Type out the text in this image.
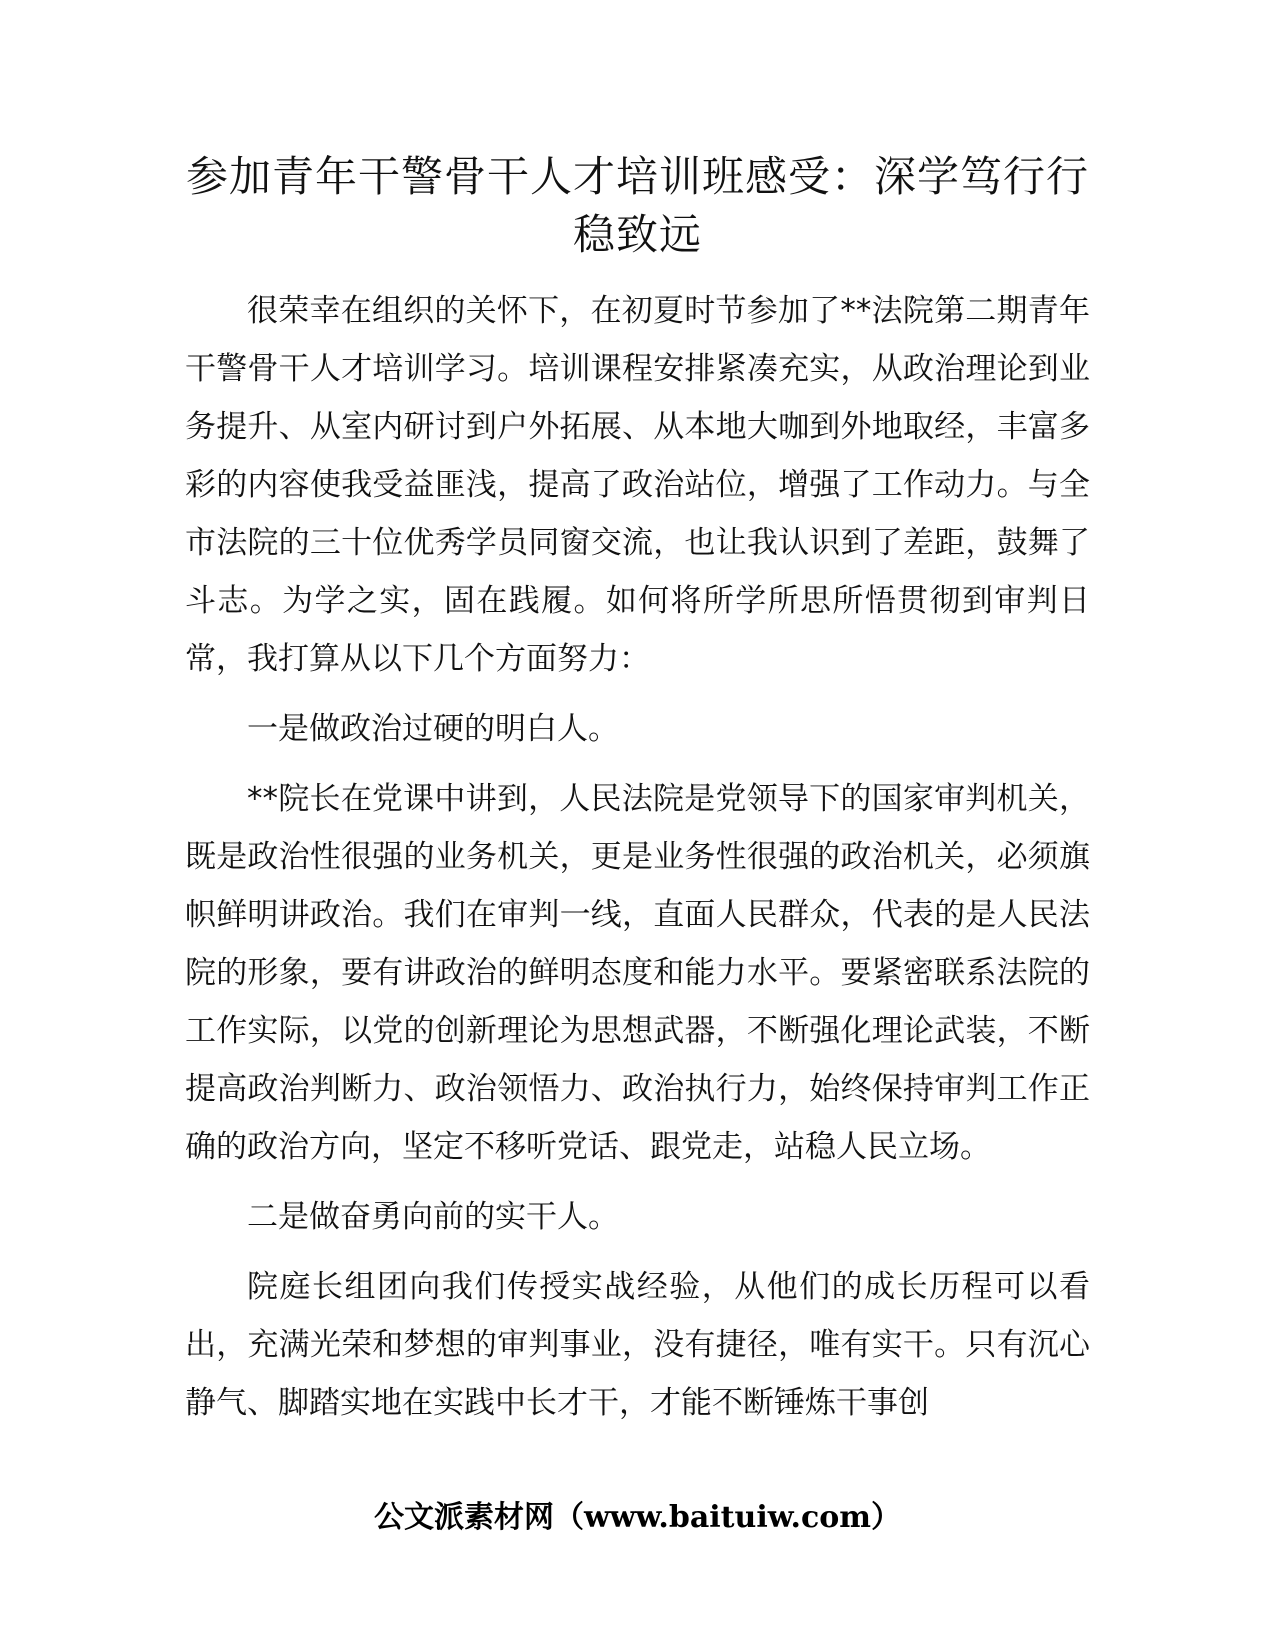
参加青年干警骨干人才培训班感受：深学笃行行稳致远

很荣幸在组织的关怀下，在初夏时节参加了**法院第二期青年干警骨干人才培训学习。培训课程安排紧凑充实，从政治理论到业务提升、从室内研讨到户外拓展、从本地大咖到外地取经，丰富多彩的内容使我受益匪浅，提高了政治站位，增强了工作动力。与全市法院的三十位优秀学员同窗交流，也让我认识到了差距，鼓舞了斗志。为学之实，固在践履。如何将所学所思所悟贯彻到审判日常，我打算从以下几个方面努力：

一是做政治过硬的明白人。

**院长在党课中讲到，人民法院是党领导下的国家审判机关，既是政治性很强的业务机关，更是业务性很强的政治机关，必须旗帜鲜明讲政治。我们在审判一线，直面人民群众，代表的是人民法院的形象，要有讲政治的鲜明态度和能力水平。要紧密联系法院的工作实际，以党的创新理论为思想武器，不断强化理论武装，不断提高政治判断力、政治领悟力、政治执行力，始终保持审判工作正确的政治方向，坚定不移听党话、跟党走，站稳人民立场。

二是做奋勇向前的实干人。

院庭长组团向我们传授实战经验，从他们的成长历程可以看出，充满光荣和梦想的审判事业，没有捷径，唯有实干。只有沉心静气、脚踏实地在实践中长才干，才能不断锤炼干事创

公文派素材网（www.baituiw.com）
